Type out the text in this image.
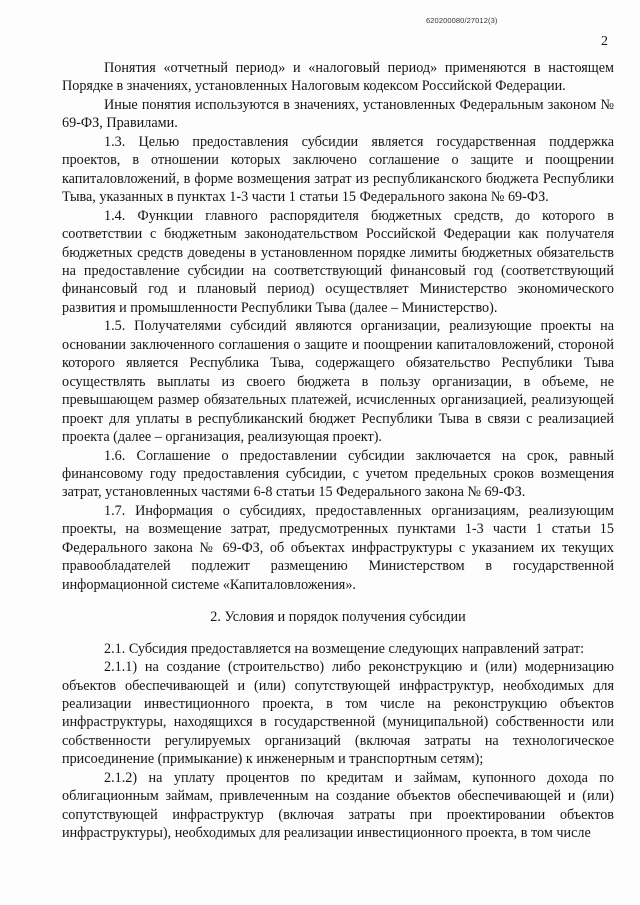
620200080/27012(3)
2

Понятия «отчетный период» и «налоговый период» применяются в настоящем Порядке в значениях, установленных Налоговым кодексом Российской Федерации.

Иные понятия используются в значениях, установленных Федеральным законом № 69-ФЗ, Правилами.

1.3. Целью предоставления субсидии является государственная поддержка проектов, в отношении которых заключено соглашение о защите и поощрении капиталовложений, в форме возмещения затрат из республиканского бюджета Республики Тыва, указанных в пунктах 1-3 части 1 статьи 15 Федерального закона № 69-ФЗ.

1.4. Функции главного распорядителя бюджетных средств, до которого в соответствии с бюджетным законодательством Российской Федерации как получателя бюджетных средств доведены в установленном порядке лимиты бюджетных обязательств на предоставление субсидии на соответствующий финансовый год (соответствующий финансовый год и плановый период) осуществляет Министерство экономического развития и промышленности Республики Тыва (далее – Министерство).

1.5. Получателями субсидий являются организации, реализующие проекты на основании заключенного соглашения о защите и поощрении капиталовложений, стороной которого является Республика Тыва, содержащего обязательство Республики Тыва осуществлять выплаты из своего бюджета в пользу организации, в объеме, не превышающем размер обязательных платежей, исчисленных организацией, реализующей проект для уплаты в республиканский бюджет Республики Тыва в связи с реализацией проекта (далее – организация, реализующая проект).

1.6. Соглашение о предоставлении субсидии заключается на срок, равный финансовому году предоставления субсидии, с учетом предельных сроков возмещения затрат, установленных частями 6-8 статьи 15 Федерального закона № 69-ФЗ.

1.7. Информация о субсидиях, предоставленных организациям, реализующим проекты, на возмещение затрат, предусмотренных пунктами 1-3 части 1 статьи 15 Федерального закона № 69-ФЗ, об объектах инфраструктуры с указанием их текущих правообладателей подлежит размещению Министерством в государственной информационной системе «Капиталовложения».

2. Условия и порядок получения субсидии

2.1. Субсидия предоставляется на возмещение следующих направлений затрат:

2.1.1) на создание (строительство) либо реконструкцию и (или) модернизацию объектов обеспечивающей и (или) сопутствующей инфраструктур, необходимых для реализации инвестиционного проекта, в том числе на реконструкцию объектов инфраструктуры, находящихся в государственной (муниципальной) собственности или собственности регулируемых организаций (включая затраты на технологическое присоединение (примыкание) к инженерным и транспортным сетям);

2.1.2) на уплату процентов по кредитам и займам, купонного дохода по облигационным займам, привлеченным на создание объектов обеспечивающей и (или) сопутствующей инфраструктур (включая затраты при проектировании объектов инфраструктуры), необходимых для реализации инвестиционного проекта, в том числе
